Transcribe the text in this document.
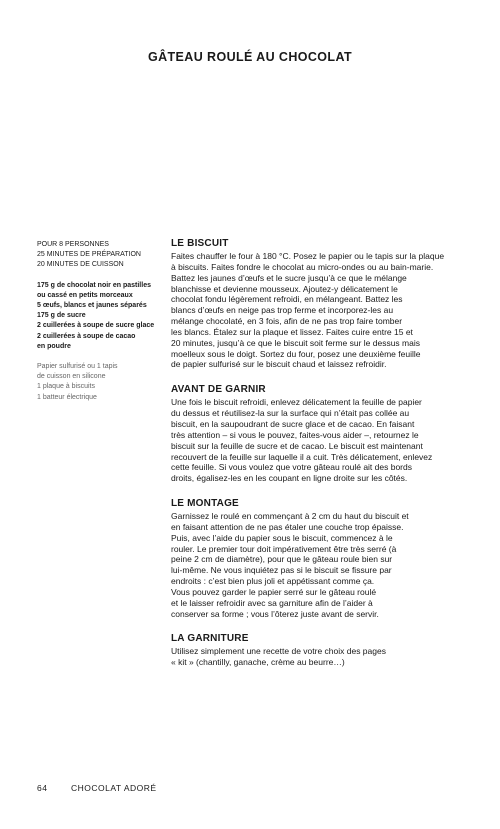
GÂTEAU ROULÉ AU CHOCOLAT
POUR 8 PERSONNES
25 MINUTES DE PRÉPARATION
20 MINUTES DE CUISSON
175 g de chocolat noir en pastilles
ou cassé en petits morceaux
5 œufs, blancs et jaunes séparés
175 g de sucre
2 cuillerées à soupe de sucre glace
2 cuillerées à soupe de cacao
en poudre
Papier sulfurisé ou 1 tapis
de cuisson en silicone
1 plaque à biscuits
1 batteur électrique
LE BISCUIT
Faites chauffer le four à 180 °C. Posez le papier ou le tapis sur la plaque
à biscuits. Faites fondre le chocolat au micro-ondes ou au bain-marie.
Battez les jaunes d’œufs et le sucre jusqu’à ce que le mélange
blanchisse et devienne mousseux. Ajoutez-y délicatement le
chocolat fondu légèrement refroidi, en mélangeant. Battez les
blancs d’œufs en neige pas trop ferme et incorporez-les au
mélange chocolaté, en 3 fois, afin de ne pas trop faire tomber
les blancs. Étalez sur la plaque et lissez. Faites cuire entre 15 et
20 minutes, jusqu’à ce que le biscuit soit ferme sur le dessus mais
moelleux sous le doigt. Sortez du four, posez une deuxième feuille
de papier sulfurisé sur le biscuit chaud et laissez refroidir.
AVANT DE GARNIR
Une fois le biscuit refroidi, enlevez délicatement la feuille de papier
du dessus et réutilisez-la sur la surface qui n’était pas collée au
biscuit, en la saupoudrant de sucre glace et de cacao. En faisant
très attention – si vous le pouvez, faites-vous aider –, retournez le
biscuit sur la feuille de sucre et de cacao. Le biscuit est maintenant
recouvert de la feuille sur laquelle il a cuit. Très délicatement, enlevez
cette feuille. Si vous voulez que votre gâteau roulé ait des bords
droits, égalisez-les en les coupant en ligne droite sur les côtés.
LE MONTAGE
Garnissez le roulé en commençant à 2 cm du haut du biscuit et
en faisant attention de ne pas étaler une couche trop épaisse.
Puis, avec l’aide du papier sous le biscuit, commencez à le
rouler. Le premier tour doit impérativement être très serré (à
peine 2 cm de diamètre), pour que le gâteau roule bien sur
lui-même. Ne vous inquiétez pas si le biscuit se fissure par
endroits : c’est bien plus joli et appétissant comme ça.
Vous pouvez garder le papier serré sur le gâteau roulé
et le laisser refroidir avec sa garniture afin de l’aider à
conserver sa forme ; vous l’ôterez juste avant de servir.
LA GARNITURE
Utilisez simplement une recette de votre choix des pages
« kit » (chantilly, ganache, crème au beurre…)
64	CHOCOLAT ADORÉ
